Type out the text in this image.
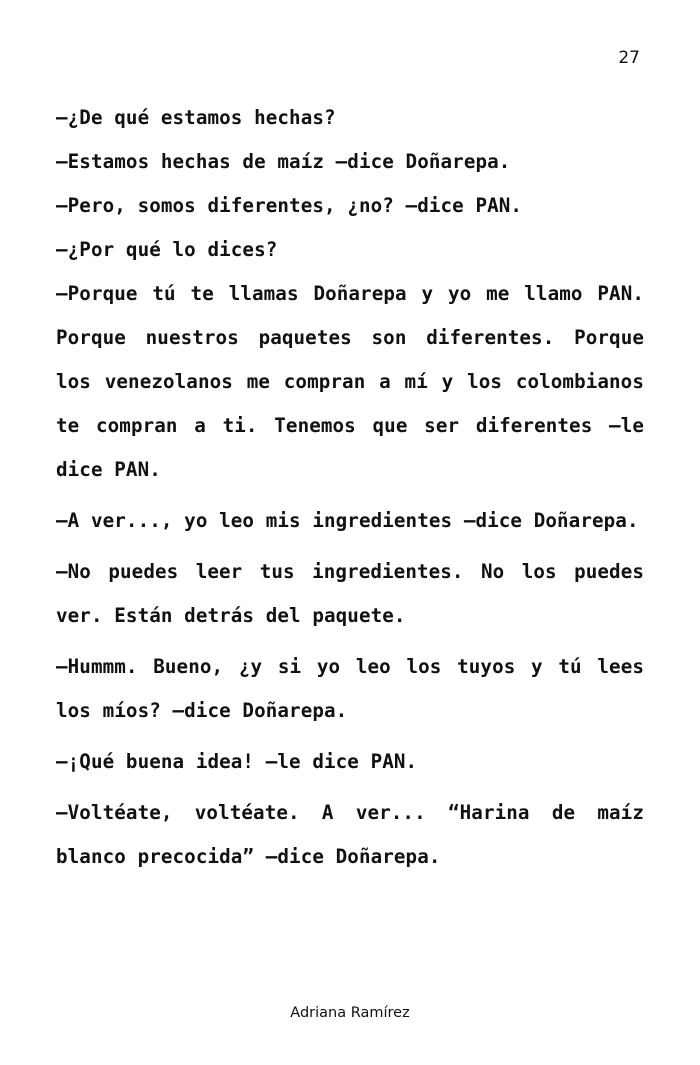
27

—¿De qué estamos hechas?

—Estamos hechas de maíz —dice Doñarepa.

—Pero, somos diferentes, ¿no? —dice PAN.

—¿Por qué lo dices?

—Porque tú te llamas Doñarepa y yo me llamo PAN. Porque nuestros paquetes son diferentes. Porque los venezolanos me compran a mí y los colombianos te compran a ti. Tenemos que ser diferentes —le dice PAN.

—A ver..., yo leo mis ingredientes —dice Doñarepa.

—No puedes leer tus ingredientes. No los puedes ver. Están detrás del paquete.

—Hummm. Bueno, ¿y si yo leo los tuyos y tú lees los míos? —dice Doñarepa.

—¡Qué buena idea! —le dice PAN.

—Voltéate, voltéate. A ver... “Harina de maíz blanco precocida” —dice Doñarepa.

Adriana Ramírez
